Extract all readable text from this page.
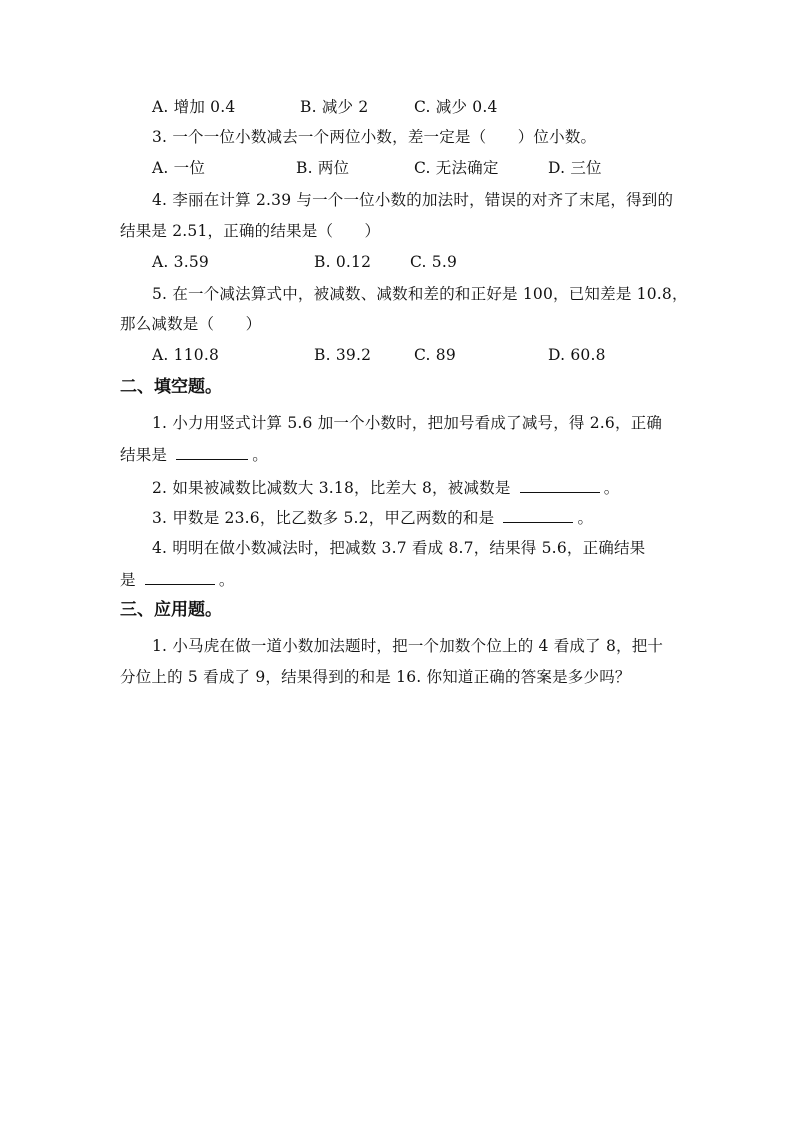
A. 增加 0.4	B. 减少 2	C. 减少 0.4
3. 一个一位小数减去一个两位小数，差一定是（　　）位小数。
A. 一位	B. 两位	C. 无法确定	D. 三位
4. 李丽在计算 2.39 与一个一位小数的加法时，错误的对齐了末尾，得到的
结果是 2.51，正确的结果是（　　）
A. 3.59	B. 0.12	C. 5.9
5. 在一个减法算式中，被减数、减数和差的和正好是 100，已知差是 10.8，
那么减数是（　　）
A. 110.8	B. 39.2	C. 89	D. 60.8
二、填空题。
1. 小力用竖式计算 5.6 加一个小数时，把加号看成了减号，得 2.6，正确
结果是	。
2. 如果被减数比减数大 3.18，比差大 8，被减数是	。
3. 甲数是 23.6，比乙数多 5.2，甲乙两数的和是	。
4. 明明在做小数减法时，把减数 3.7 看成 8.7，结果得 5.6，正确结果
是	。
三、应用题。
1. 小马虎在做一道小数加法题时，把一个加数个位上的 4 看成了 8，把十
分位上的 5 看成了 9，结果得到的和是 16. 你知道正确的答案是多少吗？
